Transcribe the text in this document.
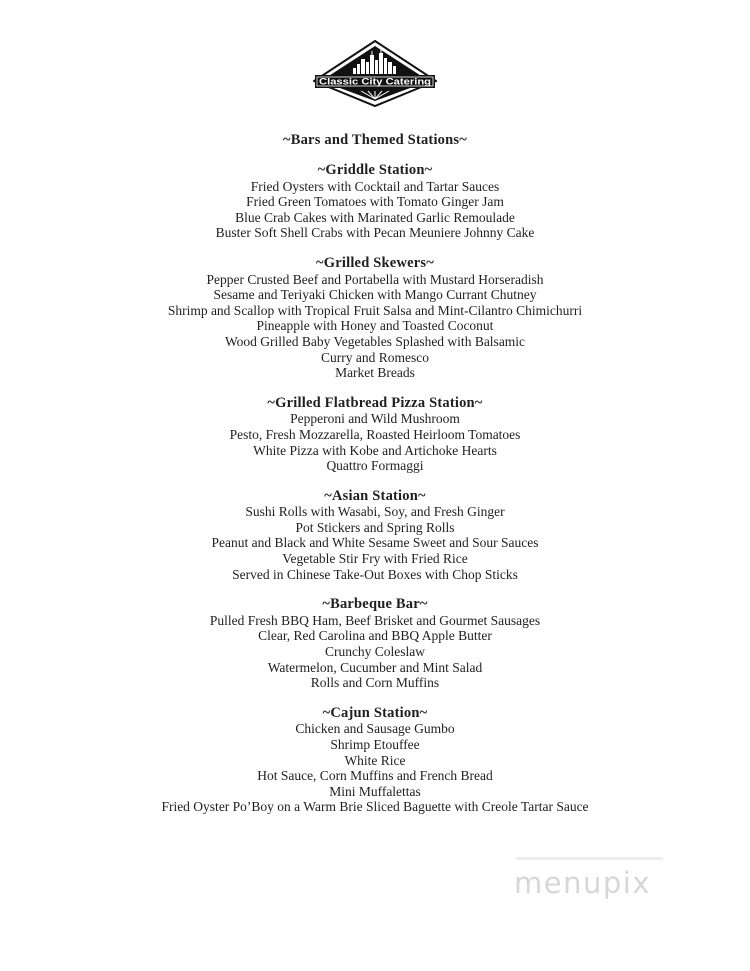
Classic City Catering
~Bars and Themed Stations~
~Griddle Station~
Fried Oysters with Cocktail and Tartar Sauces
Fried Green Tomatoes with Tomato Ginger Jam
Blue Crab Cakes with Marinated Garlic Remoulade
Buster Soft Shell Crabs with Pecan Meuniere Johnny Cake
~Grilled Skewers~
Pepper Crusted Beef and Portabella with Mustard Horseradish
Sesame and Teriyaki Chicken with Mango Currant Chutney
Shrimp and Scallop with Tropical Fruit Salsa and Mint-Cilantro Chimichurri
Pineapple with Honey and Toasted Coconut
Wood Grilled Baby Vegetables Splashed with Balsamic
Curry and Romesco
Market Breads
~Grilled Flatbread Pizza Station~
Pepperoni and Wild Mushroom
Pesto, Fresh Mozzarella, Roasted Heirloom Tomatoes
White Pizza with Kobe and Artichoke Hearts
Quattro Formaggi
~Asian Station~
Sushi Rolls with Wasabi, Soy, and Fresh Ginger
Pot Stickers and Spring Rolls
Peanut and Black and White Sesame Sweet and Sour Sauces
Vegetable Stir Fry with Fried Rice
Served in Chinese Take-Out Boxes with Chop Sticks
~Barbeque Bar~
Pulled Fresh BBQ Ham, Beef Brisket and Gourmet Sausages
Clear, Red Carolina and BBQ Apple Butter
Crunchy Coleslaw
Watermelon, Cucumber and Mint Salad
Rolls and Corn Muffins
~Cajun Station~
Chicken and Sausage Gumbo
Shrimp Etouffee
White Rice
Hot Sauce, Corn Muffins and French Bread
Mini Muffalettas
Fried Oyster Po’Boy on a Warm Brie Sliced Baguette with Creole Tartar Sauce
menupix
